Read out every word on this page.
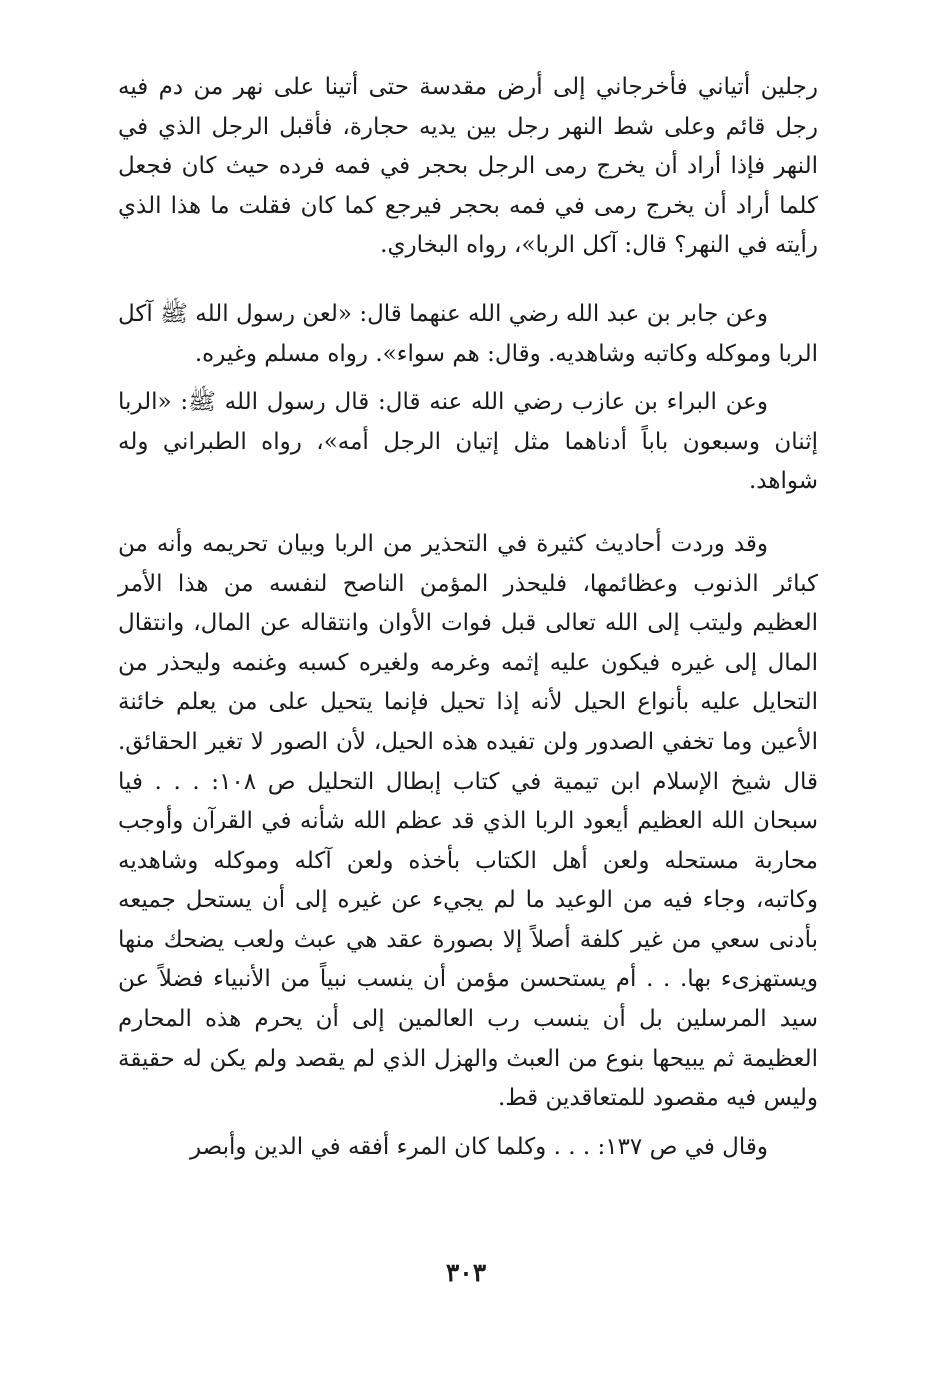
رجلين أتياني فأخرجاني إلى أرض مقدسة حتى أتينا على نهر من دم فيه رجل قائم وعلى شط النهر رجل بين يديه حجارة، فأقبل الرجل الذي في النهر فإذا أراد أن يخرج رمى الرجل بحجر في فمه فرده حيث كان فجعل كلما أراد أن يخرج رمى في فمه بحجر فيرجع كما كان فقلت ما هذا الذي رأيته في النهر؟ قال: آكل الربا»، رواه البخاري.

وعن جابر بن عبد الله رضي الله عنهما قال: «لعن رسول الله ﷺ آكل الربا وموكله وكاتبه وشاهديه. وقال: هم سواء». رواه مسلم وغيره.

وعن البراء بن عازب رضي الله عنه قال: قال رسول الله ﷺ: «الربا إثنان وسبعون باباً أدناهما مثل إتيان الرجل أمه»، رواه الطبراني وله شواهد.

وقد وردت أحاديث كثيرة في التحذير من الربا وبيان تحريمه وأنه من كبائر الذنوب وعظائمها، فليحذر المؤمن الناصح لنفسه من هذا الأمر العظيم وليتب إلى الله تعالى قبل فوات الأوان وانتقاله عن المال، وانتقال المال إلى غيره فيكون عليه إثمه وغرمه ولغيره كسبه وغنمه وليحذر من التحايل عليه بأنواع الحيل لأنه إذا تحيل فإنما يتحيل على من يعلم خائنة الأعين وما تخفي الصدور ولن تفيده هذه الحيل، لأن الصور لا تغير الحقائق. قال شيخ الإسلام ابن تيمية في كتاب إبطال التحليل ص ١٠٨: . . . فيا سبحان الله العظيم أيعود الربا الذي قد عظم الله شأنه في القرآن وأوجب محاربة مستحله ولعن أهل الكتاب بأخذه ولعن آكله وموكله وشاهديه وكاتبه، وجاء فيه من الوعيد ما لم يجيء عن غيره إلى أن يستحل جميعه بأدنى سعي من غير كلفة أصلاً إلا بصورة عقد هي عبث ولعب يضحك منها ويستهزىء بها. . . أم يستحسن مؤمن أن ينسب نبياً من الأنبياء فضلاً عن سيد المرسلين بل أن ينسب رب العالمين إلى أن يحرم هذه المحارم العظيمة ثم يبيحها بنوع من العبث والهزل الذي لم يقصد ولم يكن له حقيقة وليس فيه مقصود للمتعاقدين قط.

وقال في ص ١٣٧: . . . وكلما كان المرء أفقه في الدين وأبصر

٣٠٣
